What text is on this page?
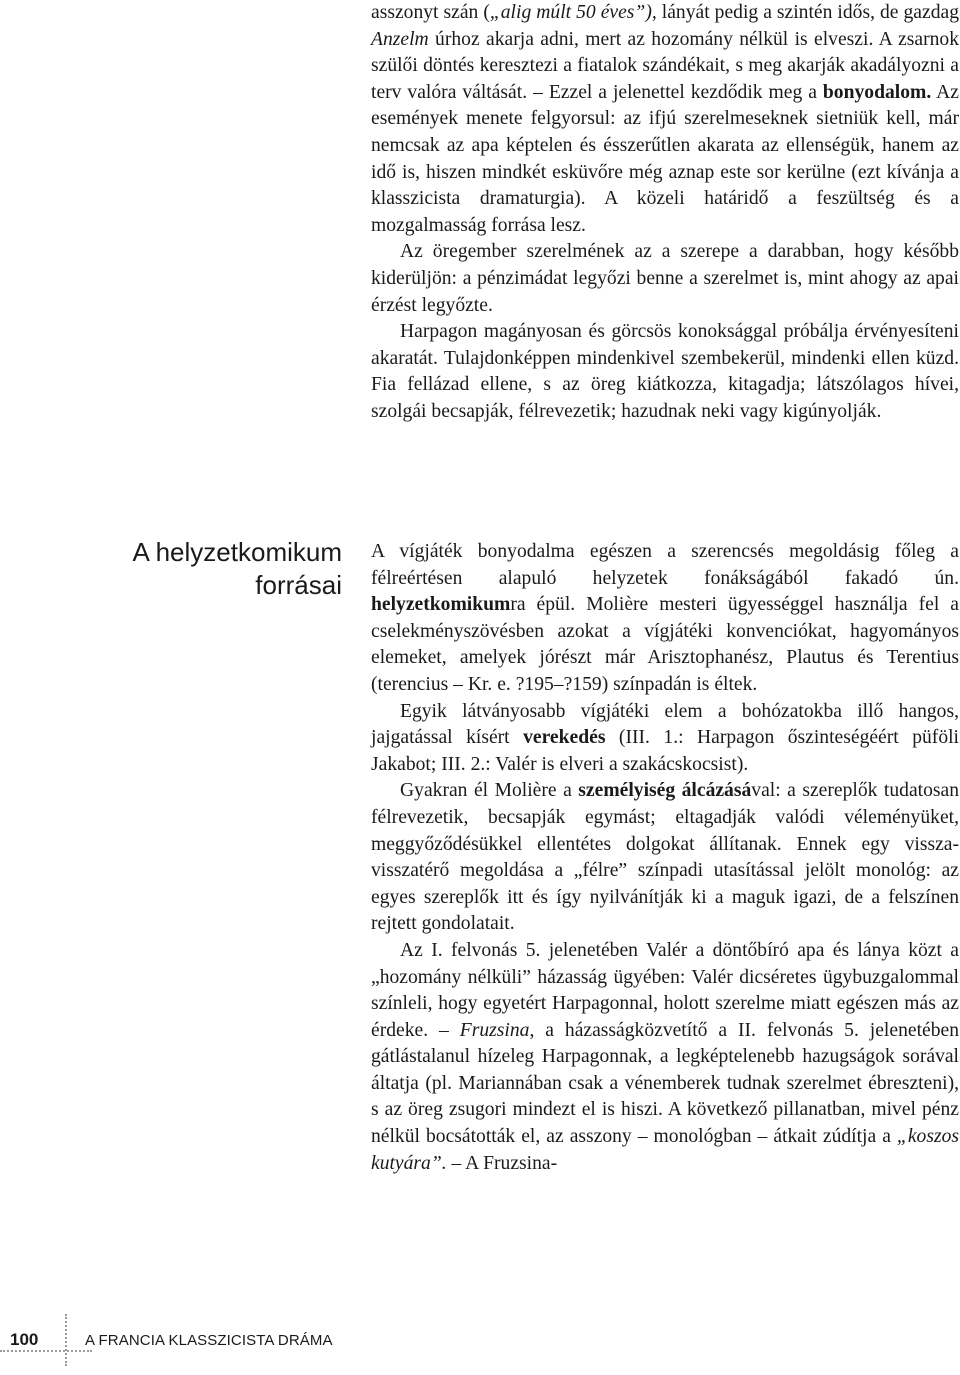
asszonyt szán („alig múlt 50 éves”), lányát pedig a szintén idős, de gazdag Anzelm úrhoz akarja adni, mert az hozomány nélkül is elveszi. A zsarnok szülői döntés keresztezi a fiatalok szándékait, s meg akarják akadályozni a terv valóra váltását. – Ezzel a jelenettel kezdődik meg a bonyodalom. Az események menete felgyorsul: az ifjú szerelmeseknek sietniük kell, már nemcsak az apa képtelen és ésszerűtlen akarata az ellenségük, hanem az idő is, hiszen mindkét esküvőre még aznap este sor kerülne (ezt kívánja a klasszicista dramaturgia). A közeli határidő a feszültség és a mozgalmasság forrása lesz.

Az öregember szerelmének az a szerepe a darabban, hogy később kiderüljön: a pénzimádat legyőzi benne a szerelmet is, mint ahogy az apai érzést legyőzte.

Harpagon magányosan és görcsös konoksággal próbálja érvényesíteni akaratát. Tulajdonképpen mindenkivel szembekerül, mindenki ellen küzd. Fia fellázad ellene, s az öreg kiátkozza, kitagadja; látszólagos hívei, szolgái becsapják, félrevezetik; hazudnak neki vagy kigúnyolják.

A helyzetkomikum
forrásai

A vígjáték bonyodalma egészen a szerencsés megoldásig főleg a félreértésen alapuló helyzetek fonákságából fakadó ún. helyzetkomikumra épül. Molière mesteri ügyességgel használja fel a cselekményszövésben azokat a vígjátéki konvenciókat, hagyományos elemeket, amelyek jórészt már Arisztophanész, Plautus és Terentius (terencius – Kr. e. ?195–?159) színpadán is éltek.

Egyik látványosabb vígjátéki elem a bohózatokba illő hangos, jajgatással kísért verekedés (III. 1.: Harpagon őszinteségéért püföli Jakabot; III. 2.: Valér is elveri a szakácskocsist).

Gyakran él Molière a személyiség álcázásával: a szereplők tudatosan félrevezetik, becsapják egymást; eltagadják valódi véleményüket, meggyőződésükkel ellentétes dolgokat állítanak. Ennek egy vissza-visszatérő megoldása a „félre” színpadi utasítással jelölt monológ: az egyes szereplők itt és így nyilvánítják ki a maguk igazi, de a felszínen rejtett gondolatait.

Az I. felvonás 5. jelenetében Valér a döntőbíró apa és lánya közt a „hozomány nélküli” házasság ügyében: Valér dicséretes ügybuzgalommal színleli, hogy egyetért Harpagonnal, holott szerelme miatt egészen más az érdeke. – Fruzsina, a házasságközvetítő a II. felvonás 5. jelenetében gátlástalanul hízeleg Harpagonnak, a legképtelenebb hazugságok sorával áltatja (pl. Mariannában csak a vénemberek tudnak szerelmet ébreszteni), s az öreg zsugori mindezt el is hiszi. A következő pillanatban, mivel pénz nélkül bocsátották el, az asszony – monológban – átkait zúdítja a „koszos kutyára”. – A Fruzsina-

100	A FRANCIA KLASSZICISTA DRÁMA
